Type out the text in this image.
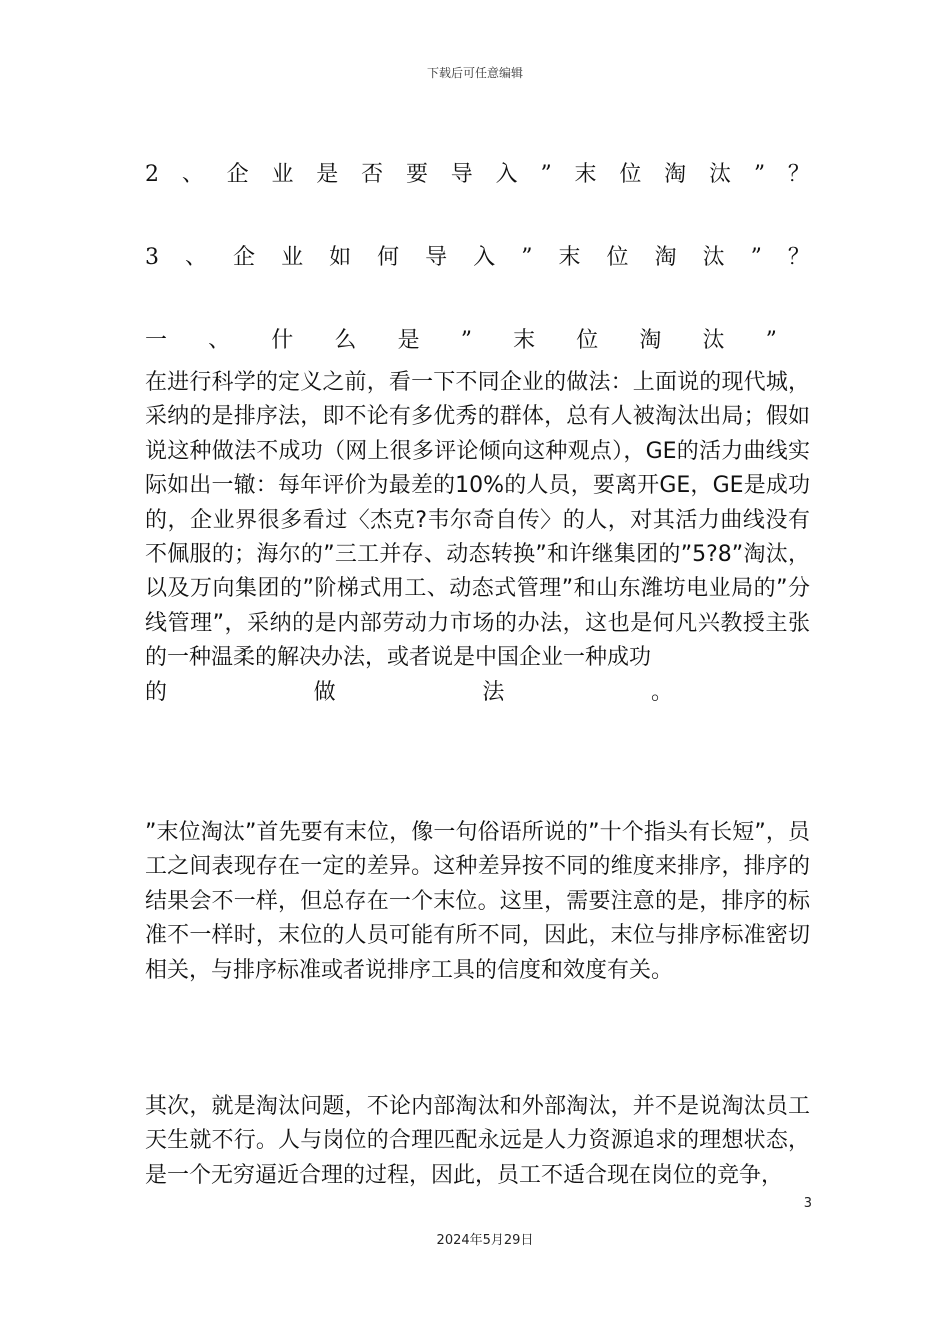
下载后可任意编辑
2 、 企 业 是 否 要 导 入 ” 末 位 淘 汰 ” ？
3 、 企 业 如 何 导 入 ” 末 位 淘 汰 ” ？
一 、 什 么 是 ” 末 位 淘 汰 ”
在进行科学的定义之前，看一下不同企业的做法：上面说的现代城，采纳的是排序法，即不论有多优秀的群体，总有人被淘汰出局；假如说这种做法不成功（网上很多评论倾向这种观点），GE的活力曲线实际如出一辙：每年评价为最差的10%的人员，要离开GE，GE是成功的，企业界很多看过〈杰克?韦尔奇自传〉的人，对其活力曲线没有不佩服的；海尔的”三工并存、动态转换”和许继集团的”5?8”淘汰，以及万向集团的”阶梯式用工、动态式管理”和山东潍坊电业局的”分线管理”，采纳的是内部劳动力市场的办法，这也是何凡兴教授主张的一种温柔的解决办法，或者说是中国企业一种成功
的	做	法	。
”末位淘汰”首先要有末位，像一句俗语所说的”十个指头有长短”，员工之间表现存在一定的差异。这种差异按不同的维度来排序，排序的结果会不一样，但总存在一个末位。这里，需要注意的是，排序的标准不一样时，末位的人员可能有所不同，因此，末位与排序标准密切相关，与排序标准或者说排序工具的信度和效度有关。
其次，就是淘汰问题，不论内部淘汰和外部淘汰，并不是说淘汰员工天生就不行。人与岗位的合理匹配永远是人力资源追求的理想状态，是一个无穷逼近合理的过程，因此，员工不适合现在岗位的竞争，
3
2024年5月29日
